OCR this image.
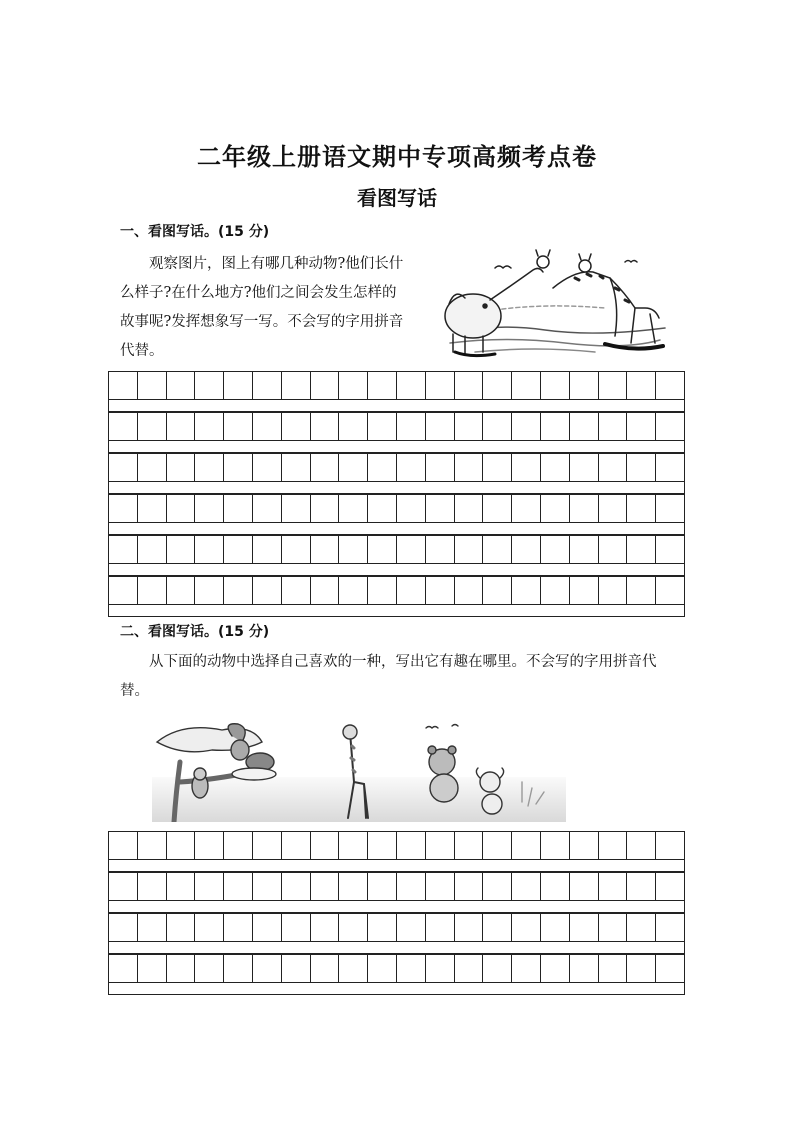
二年级上册语文期中专项高频考点卷
看图写话
一、看图写话。(15 分)

观察图片，图上有哪几种动物?他们长什么样子?在什么地方?他们之间会发生怎样的故事呢?发挥想象写一写。不会写的字用拼音代替。

二、看图写话。(15 分)

从下面的动物中选择自己喜欢的一种，写出它有趣在哪里。不会写的字用拼音代替。
